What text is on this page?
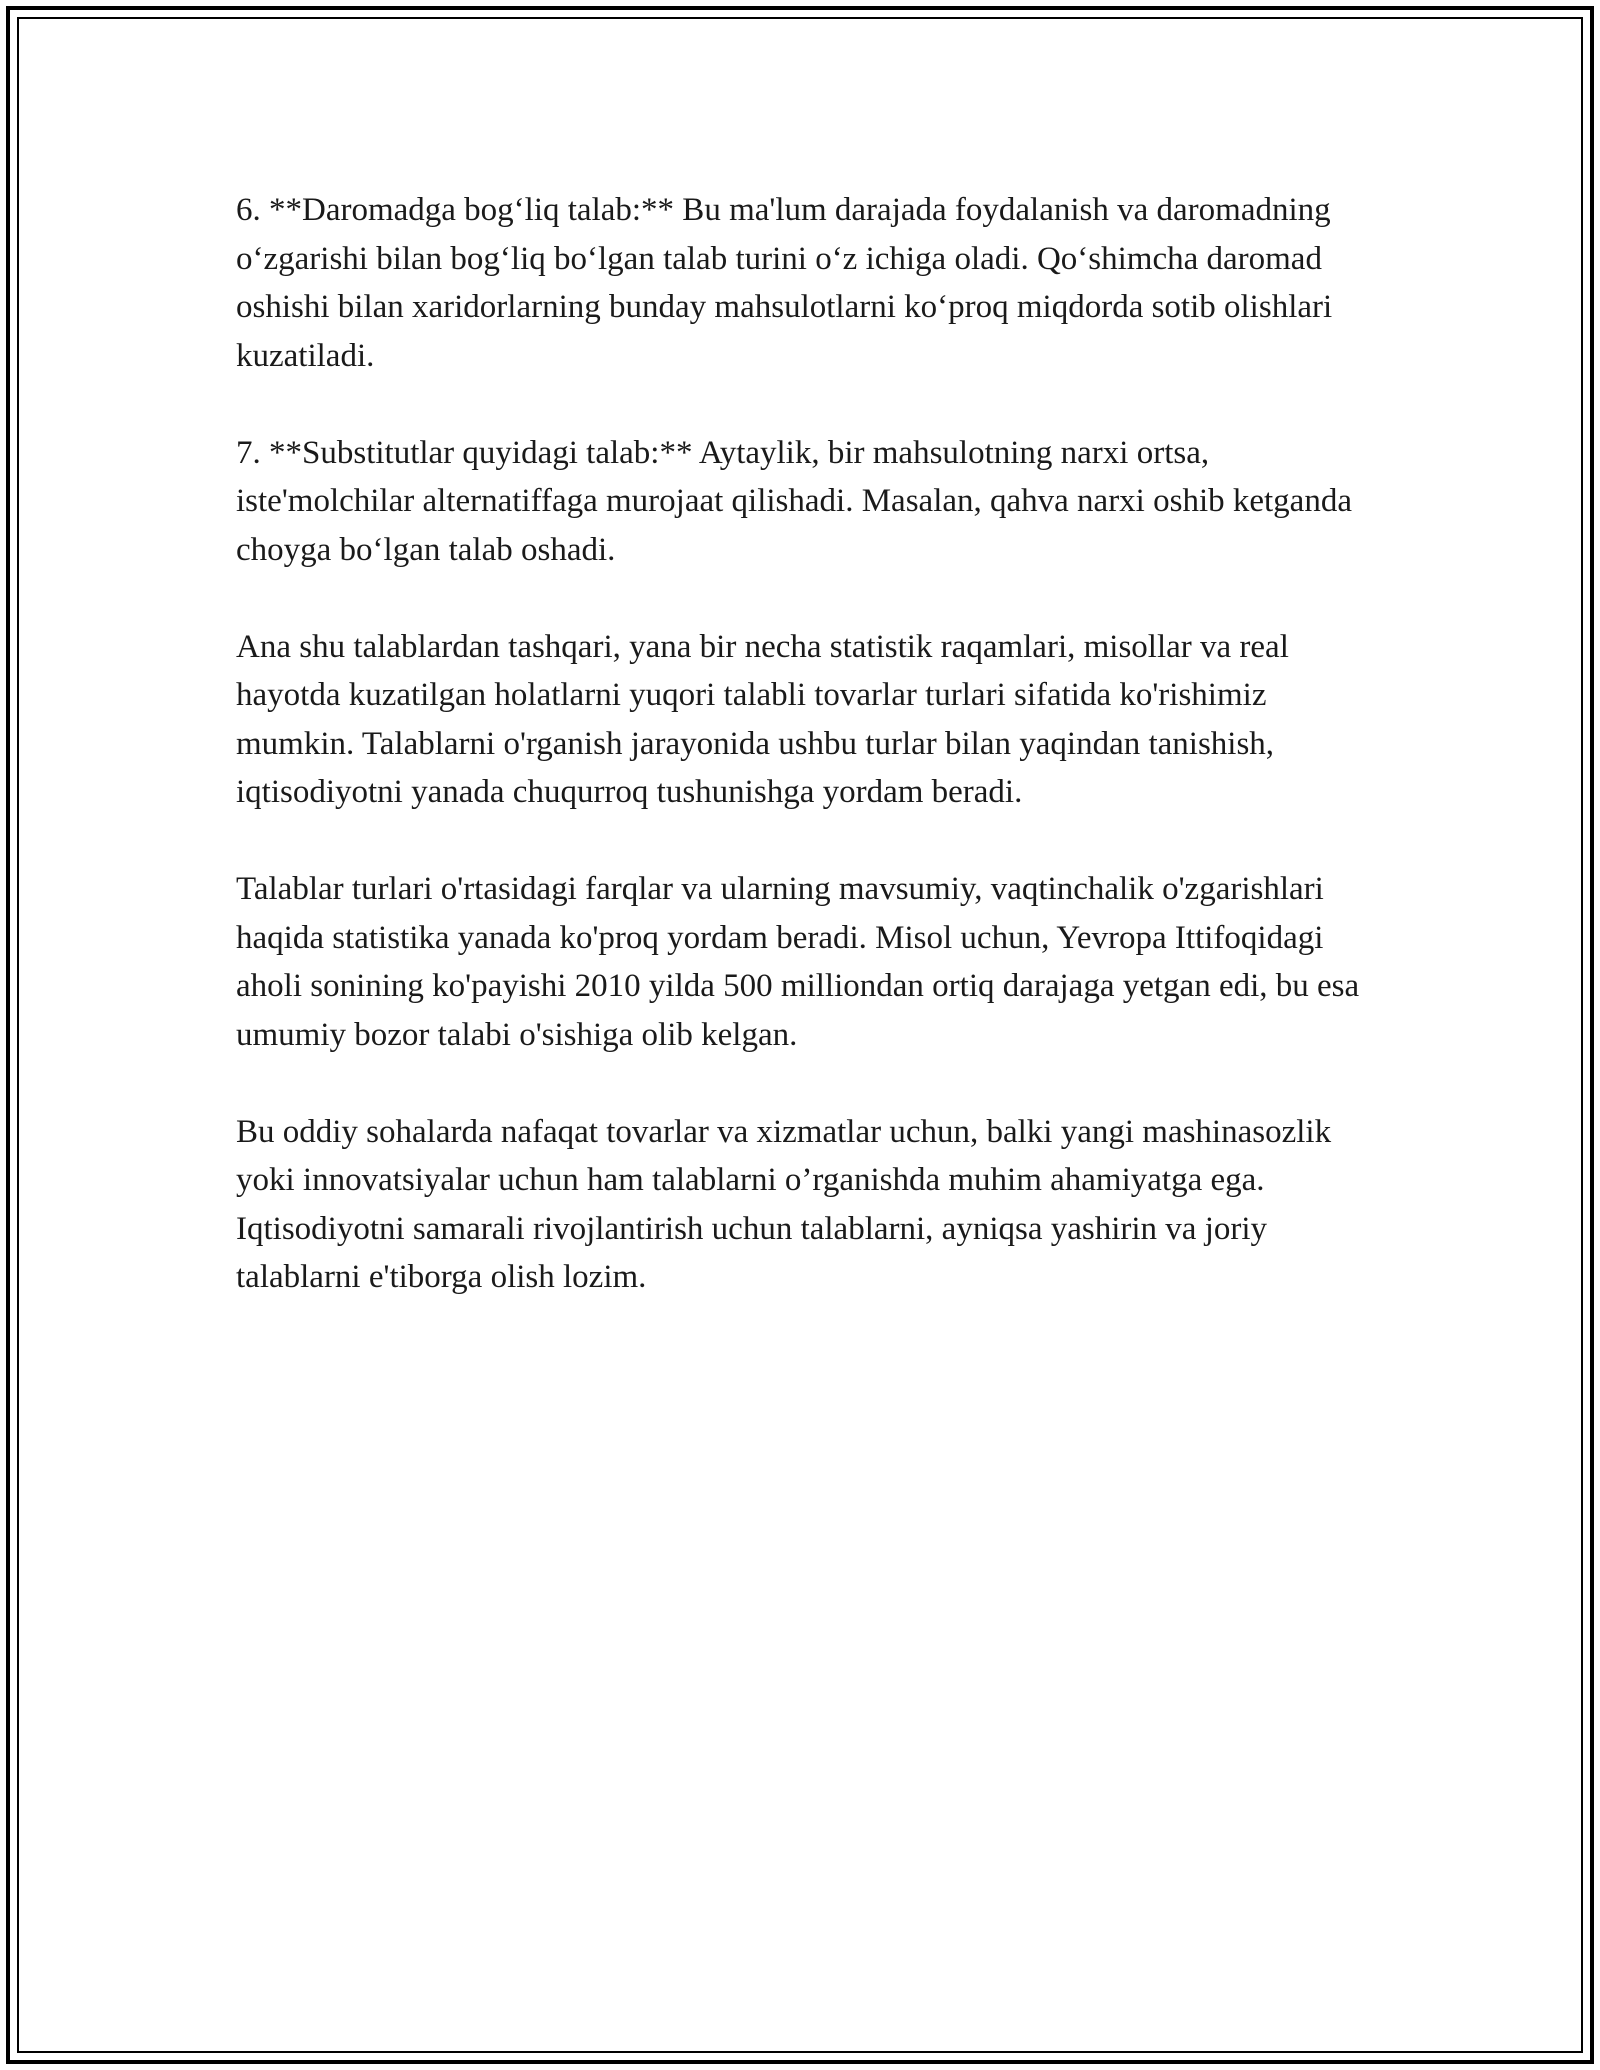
6. **Daromadga bog‘liq talab:** Bu ma'lum darajada foydalanish va daromadning o‘zgarishi bilan bog‘liq bo‘lgan talab turini o‘z ichiga oladi. Qo‘shimcha daromad oshishi bilan xaridorlarning bunday mahsulotlarni ko‘proq miqdorda sotib olishlari kuzatiladi.

7. **Substitutlar quyidagi talab:** Aytaylik, bir mahsulotning narxi ortsa, iste'molchilar alternatiffaga murojaat qilishadi. Masalan, qahva narxi oshib ketganda choyga bo‘lgan talab oshadi.

Ana shu talablardan tashqari, yana bir necha statistik raqamlari, misollar va real hayotda kuzatilgan holatlarni yuqori talabli tovarlar turlari sifatida ko'rishimiz mumkin. Talablarni o'rganish jarayonida ushbu turlar bilan yaqindan tanishish, iqtisodiyotni yanada chuqurroq tushunishga yordam beradi.

Talablar turlari o'rtasidagi farqlar va ularning mavsumiy, vaqtinchalik o'zgarishlari haqida statistika yanada ko'proq yordam beradi. Misol uchun, Yevropa Ittifoqidagi aholi sonining ko'payishi 2010 yilda 500 milliondan ortiq darajaga yetgan edi, bu esa umumiy bozor talabi o'sishiga olib kelgan.

Bu oddiy sohalarda nafaqat tovarlar va xizmatlar uchun, balki yangi mashinasozlik yoki innovatsiyalar uchun ham talablarni o’rganishda muhim ahamiyatga ega. Iqtisodiyotni samarali rivojlantirish uchun talablarni, ayniqsa yashirin va joriy talablarni e'tiborga olish lozim.
